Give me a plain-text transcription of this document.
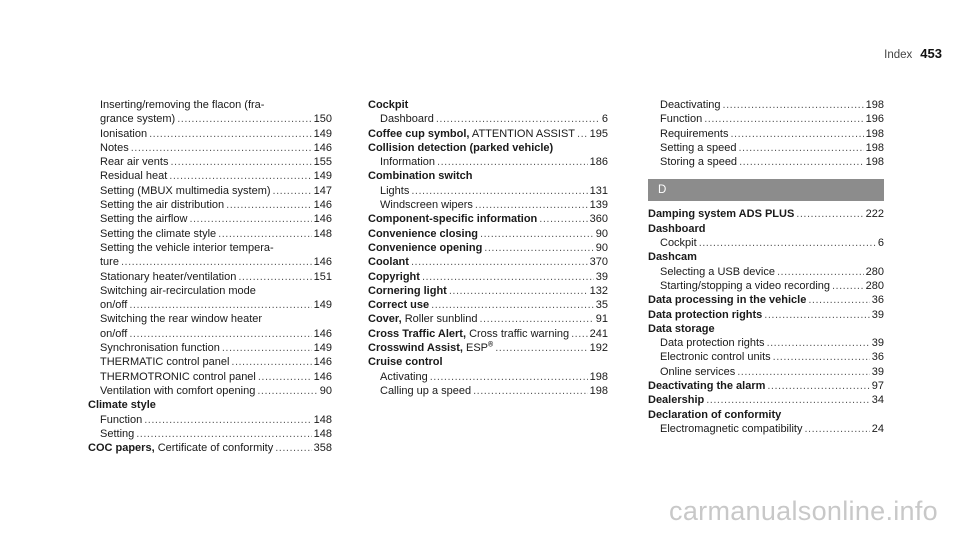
Index 453
Inserting/removing the flacon (fra-
grance system) .....	150
Ionisation .....	149
Notes .....	146
Rear air vents .....	155
Residual heat .....	149
Setting (MBUX multimedia system) .....	147
Setting the air distribution .....	146
Setting the airflow .....	146
Setting the climate style .....	148
Setting the vehicle interior tempera-
ture .....	146
Stationary heater/ventilation .....	151
Switching air-recirculation mode
on/off .....	149
Switching the rear window heater
on/off .....	146
Synchronisation function .....	149
THERMATIC control panel .....	146
THERMOTRONIC control panel .....	146
Ventilation with comfort opening .....	90
Climate style
Function .....	148
Setting .....	148
COC papers, Certificate of conformity .....	358
Cockpit
Dashboard .....	6
Coffee cup symbol, ATTENTION ASSIST ..... 195
Collision detection (parked vehicle)
Information .....	186
Combination switch
Lights .....	131
Windscreen wipers .....	139
Component-specific information .....	360
Convenience closing .....	90
Convenience opening .....	90
Coolant .....	370
Copyright .....	39
Cornering light .....	132
Correct use .....	35
Cover, Roller sunblind .....	91
Cross Traffic Alert, Cross traffic warning ..... 241
Crosswind Assist, ESP® .....	192
Cruise control
Activating .....	198
Calling up a speed .....	198
Deactivating .....	198
Function .....	196
Requirements .....	198
Setting a speed .....	198
Storing a speed .....	198
D
Damping system ADS PLUS .....	222
Dashboard
Cockpit .....	6
Dashcam
Selecting a USB device .....	280
Starting/stopping a video recording .....	280
Data processing in the vehicle .....	36
Data protection rights .....	39
Data storage
Data protection rights .....	39
Electronic control units .....	36
Online services .....	39
Deactivating the alarm .....	97
Dealership .....	34
Declaration of conformity
Electromagnetic compatibility .....	24
carmanualsonline.info
